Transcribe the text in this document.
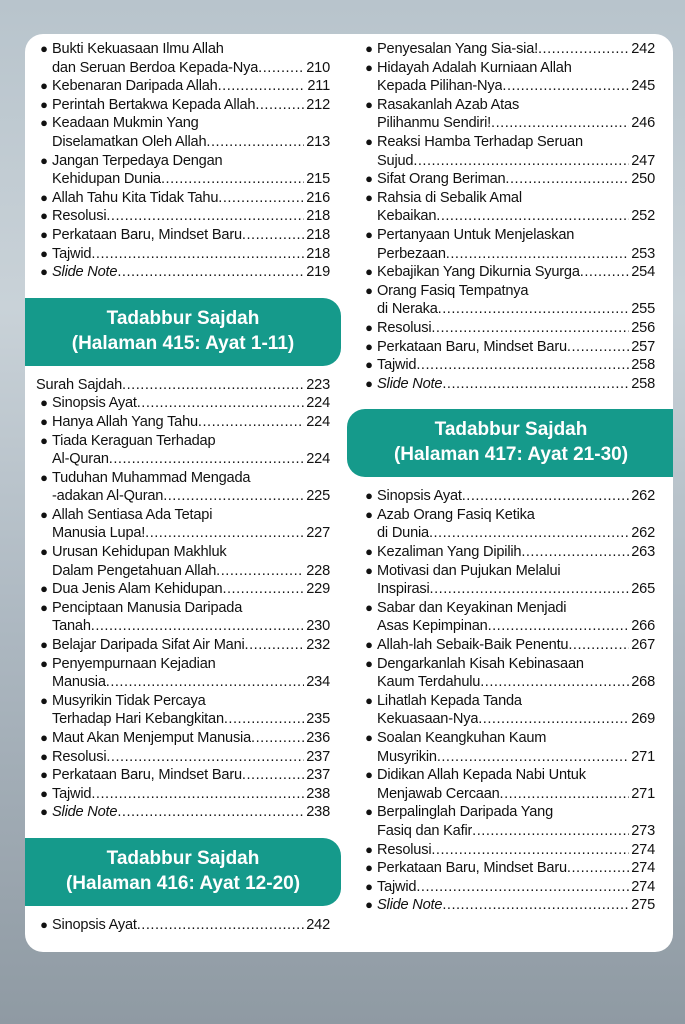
● Bukti Kekuasaan Ilmu Allah
dan Seruan Berdoa Kepada-Nya .....	210
● Kebenaran Daripada Allah .....	211
● Perintah Bertakwa Kepada Allah .....	212
● Keadaan Mukmin Yang
Diselamatkan Oleh Allah .....	213
● Jangan Terpedaya Dengan
Kehidupan Dunia .....	215
● Allah Tahu Kita Tidak Tahu .....	216
● Resolusi .....	218
● Perkataan Baru, Mindset Baru .....	218
● Tajwid .....	218
● Slide Note .....	219
Tadabbur Sajdah
(Halaman 415: Ayat 1-11)
Surah Sajdah .....	223
● Sinopsis Ayat .....	224
● Hanya Allah Yang Tahu .....	224
● Tiada Keraguan Terhadap
Al-Quran .....	224
● Tuduhan Muhammad Mengada
-adakan Al-Quran .....	225
● Allah Sentiasa Ada Tetapi
Manusia Lupa! .....	227
● Urusan Kehidupan Makhluk
Dalam Pengetahuan Allah .....	228
● Dua Jenis Alam Kehidupan .....	229
● Penciptaan Manusia Daripada
Tanah .....	230
● Belajar Daripada Sifat Air Mani .....	232
● Penyempurnaan Kejadian
Manusia .....	234
● Musyrikin Tidak Percaya
Terhadap Hari Kebangkitan .....	235
● Maut Akan Menjemput Manusia .....	236
● Resolusi .....	237
● Perkataan Baru, Mindset Baru .....	237
● Tajwid .....	238
● Slide Note .....	238
Tadabbur Sajdah
(Halaman 416: Ayat 12-20)
● Sinopsis Ayat .....	242
● Penyesalan Yang Sia-sia! .....	242
● Hidayah Adalah Kurniaan Allah
Kepada Pilihan-Nya .....	245
● Rasakanlah Azab Atas
Pilihanmu Sendiri! .....	246
● Reaksi Hamba Terhadap Seruan
Sujud .....	247
● Sifat Orang Beriman .....	250
● Rahsia di Sebalik Amal
Kebaikan .....	252
● Pertanyaan Untuk Menjelaskan
Perbezaan .....	253
● Kebajikan Yang Dikurnia Syurga .....	254
● Orang Fasiq Tempatnya
di Neraka .....	255
● Resolusi .....	256
● Perkataan Baru, Mindset Baru .....	257
● Tajwid .....	258
● Slide Note .....	258
Tadabbur Sajdah
(Halaman 417: Ayat 21-30)
● Sinopsis Ayat .....	262
● Azab Orang Fasiq Ketika
di Dunia .....	262
● Kezaliman Yang Dipilih .....	263
● Motivasi dan Pujukan Melalui
Inspirasi .....	265
● Sabar dan Keyakinan Menjadi
Asas Kepimpinan .....	266
● Allah-lah Sebaik-Baik Penentu .....	267
● Dengarkanlah Kisah Kebinasaan
Kaum Terdahulu .....	268
● Lihatlah Kepada Tanda
Kekuasaan-Nya .....	269
● Soalan Keangkuhan Kaum
Musyrikin .....	271
● Didikan Allah Kepada Nabi Untuk
Menjawab Cercaan .....	271
● Berpalinglah Daripada Yang
Fasiq dan Kafir .....	273
● Resolusi .....	274
● Perkataan Baru, Mindset Baru .....	274
● Tajwid .....	274
● Slide Note .....	275
